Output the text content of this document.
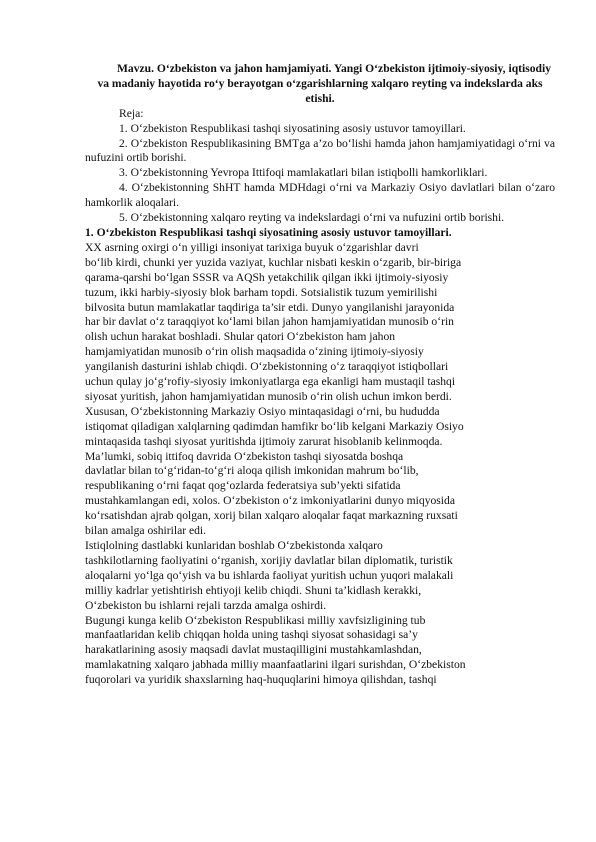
Mavzu. O‘zbekiston va jahon hamjamiyati. Yangi O‘zbekiston ijtimoiy-siyosiy, iqtisodiy va madaniy hayotida ro‘y berayotgan o‘zgarishlarning xalqaro reyting va indekslarda aks etishi.

Reja:

1. O‘zbekiston Respublikasi tashqi siyosatining asosiy ustuvor tamoyillari.

2. O‘zbekiston Respublikasining BMTga a’zo bo‘lishi hamda jahon hamjamiyatidagi o‘rni va nufuzini ortib borishi.

3. O‘zbekistonning Yevropa Ittifoqi mamlakatlari bilan istiqbolli hamkorliklari.

4. O‘zbekistonning ShHT hamda MDHdagi o‘rni va Markaziy Osiyo davlatlari bilan o‘zaro hamkorlik aloqalari.

5. O‘zbekistonning xalqaro reyting va indekslardagi o‘rni va nufuzini ortib borishi.

1. O‘zbekiston Respublikasi tashqi siyosatining asosiy ustuvor tamoyillari.

XX asrning oxirgi o‘n yilligi insoniyat tarixiga buyuk o‘zgarishlar davri
bo‘lib kirdi, chunki yer yuzida vaziyat, kuchlar nisbati keskin o‘zgarib, bir-biriga
qarama-qarshi bo‘lgan SSSR va AQSh yetakchilik qilgan ikki ijtimoiy-siyosiy
tuzum, ikki harbiy-siyosiy blok barham topdi. Sotsialistik tuzum yemirilishi
bilvosita butun mamlakatlar taqdiriga ta’sir etdi. Dunyo yangilanishi jarayonida
har bir davlat o‘z taraqqiyot ko‘lami bilan jahon hamjamiyatidan munosib o‘rin
olish uchun harakat boshladi. Shular qatori O‘zbekiston ham jahon
hamjamiyatidan munosib o‘rin olish maqsadida o‘zining ijtimoiy-siyosiy
yangilanish dasturini ishlab chiqdi. O‘zbekistonning o‘z taraqqiyot istiqbollari
uchun qulay jo‘g‘rofiy-siyosiy imkoniyatlarga ega ekanligi ham mustaqil tashqi
siyosat yuritish, jahon hamjamiyatidan munosib o‘rin olish uchun imkon berdi.
Xususan, O‘zbekistonning Markaziy Osiyo mintaqasidagi o‘rni, bu hududda
istiqomat qiladigan xalqlarning qadimdan hamfikr bo‘lib kelgani Markaziy Osiyo
mintaqasida tashqi siyosat yuritishda ijtimoiy zarurat hisoblanib kelinmoqda.
Ma’lumki, sobiq ittifoq davrida O‘zbekiston tashqi siyosatda boshqa
davlatlar bilan to‘g‘ridan-to‘g‘ri aloqa qilish imkonidan mahrum bo‘lib,
respublikaning o‘rni faqat qog‘ozlarda federatsiya sub’yekti sifatida
mustahkamlangan edi, xolos. O‘zbekiston o‘z imkoniyatlarini dunyo miqyosida
ko‘rsatishdan ajrab qolgan, xorij bilan xalqaro aloqalar faqat markazning ruxsati
bilan amalga oshirilar edi.
Istiqlolning dastlabki kunlaridan boshlab O‘zbekistonda xalqaro
tashkilotlarning faoliyatini o‘rganish, xorijiy davlatlar bilan diplomatik, turistik
aloqalarni yo‘lga qo‘yish va bu ishlarda faoliyat yuritish uchun yuqori malakali
milliy kadrlar yetishtirish ehtiyoji kelib chiqdi. Shuni ta’kidlash kerakki,
O‘zbekiston bu ishlarni rejali tarzda amalga oshirdi.
Bugungi kunga kelib O‘zbekiston Respublikasi milliy xavfsizligining tub
manfaatlaridan kelib chiqqan holda uning tashqi siyosat sohasidagi sa’y
harakatlarining asosiy maqsadi davlat mustaqilligini mustahkamlashdan,
mamlakatning xalqaro jabhada milliy maanfaatlarini ilgari surishdan, O‘zbekiston
fuqorolari va yuridik shaxslarning haq-huquqlarini himoya qilishdan, tashqi
